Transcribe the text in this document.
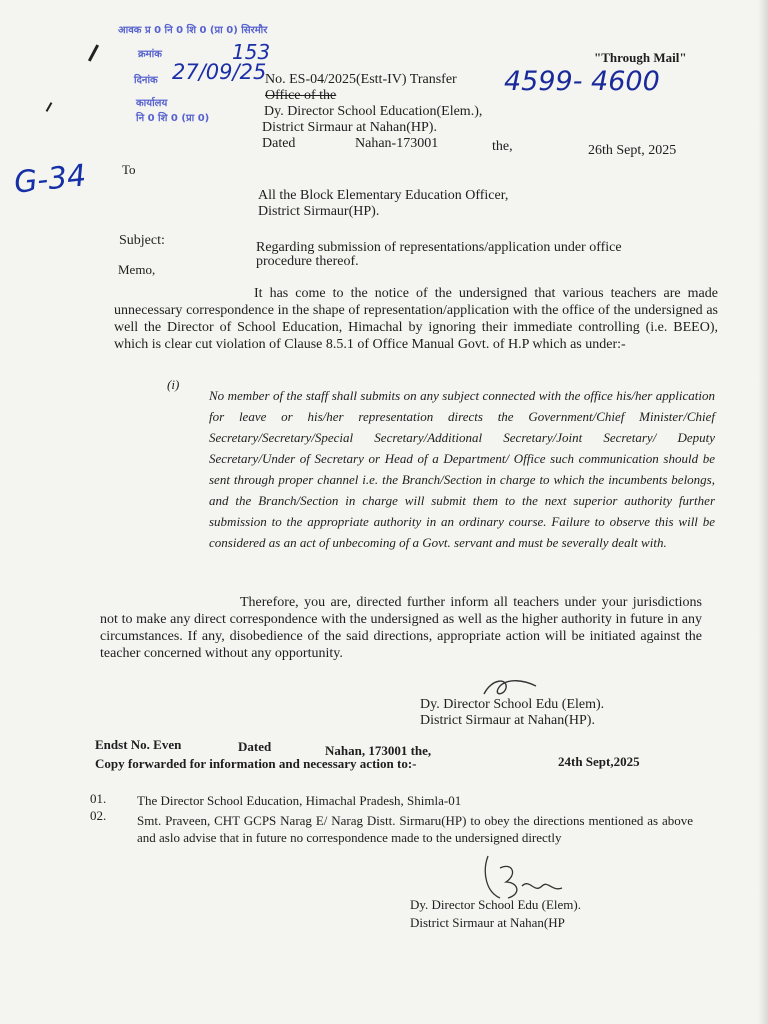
आवक प्र 0 नि 0 शि 0 (प्रा 0) सिरमौर
क्रमांक	153
दिनांक 27/09/25
कार्यालय
नि 0 शि 0 (प्रा 0)
"Through Mail"
No. ES-04/2025(Estt-IV) Transfer 4599- 4600
Office of the
Dy. Director School Education(Elem.),
District Sirmaur at Nahan(HP).
Dated	Nahan-173001	the,	26th Sept, 2025
G-34	To
All the Block Elementary Education Officer,
District Sirmaur(HP).
Subject:	Regarding submission of representations/application under office
procedure thereof.
Memo,
It has come to the notice of the undersigned that various teachers are made unnecessary correspondence in the shape of representation/application with the office of the undersigned as well the Director of School Education, Himachal by ignoring their immediate controlling (i.e. BEEO), which is clear cut violation of Clause 8.5.1 of Office Manual Govt. of H.P which as under:-
(i)
No member of the staff shall submits on any subject connected with the office his/her application for leave or his/her representation directs the Government/Chief Minister/Chief Secretary/Secretary/Special Secretary/Additional Secretary/Joint Secretary/ Deputy Secretary/Under of Secretary or Head of a Department/ Office such communication should be sent through proper channel i.e. the Branch/Section in charge to which the incumbents belongs, and the Branch/Section in charge will submit them to the next superior authority further submission to the appropriate authority in an ordinary course. Failure to observe this will be considered as an act of unbecoming of a Govt. servant and must be severally dealt with.
Therefore, you are, directed further inform all teachers under your jurisdictions not to make any direct correspondence with the undersigned as well as the higher authority in future in any circumstances. If any, disobedience of the said directions, appropriate action will be initiated against the teacher concerned without any opportunity.
Dy. Director School Edu (Elem).
District Sirmaur at Nahan(HP).
Endst No. Even	Dated	Nahan, 173001 the,
24th Sept,2025
Copy forwarded for information and necessary action to:-
01. The Director School Education, Himachal Pradesh, Shimla-01
02. Smt. Praveen, CHT GCPS Narag E/ Narag Distt. Sirmaru(HP) to obey the directions mentioned as above and aslo advise that in future no correspondence made to the undersigned directly
Dy. Director School Edu (Elem).
District Sirmaur at Nahan(HP
